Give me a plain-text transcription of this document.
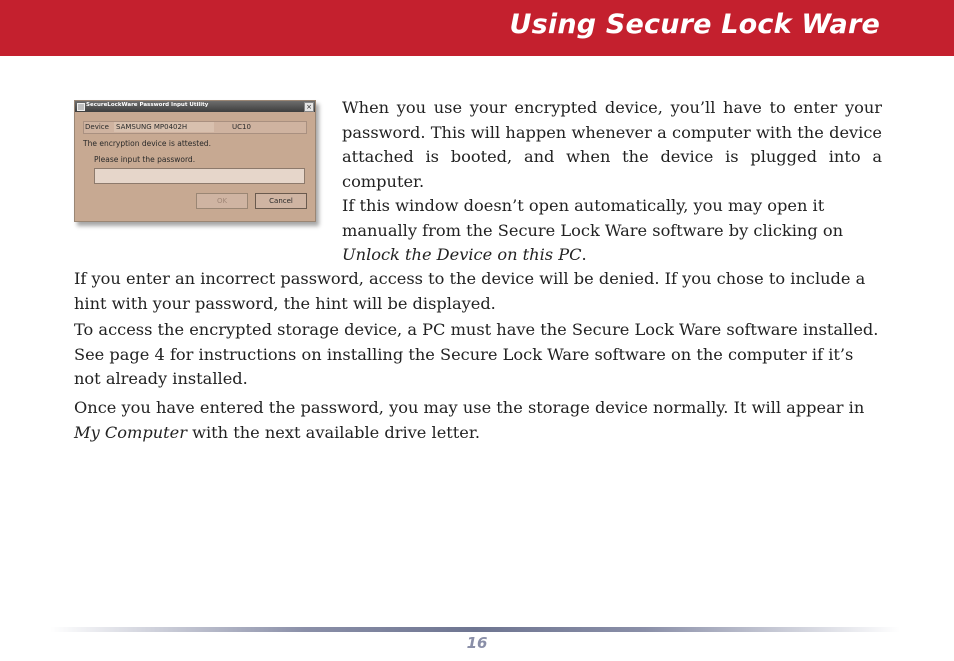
Using Secure Lock Ware
SecureLockWare Password Input Utility	×
Device SAMSUNG MP0402H	UC10
The encryption device is attested.
Please input the password.
OK	Cancel

When you use your encrypted device, you’ll have to enter your password. This will happen whenever a computer with the device attached is booted, and when the device is plugged into a computer.

If this window doesn’t open automatically, you may open it manually from the Secure Lock Ware software by clicking on Unlock the Device on this PC.

If you enter an incorrect password, access to the device will be denied. If you chose to include a hint with your password, the hint will be displayed.

To access the encrypted storage device, a PC must have the Secure Lock Ware software installed. See page 4 for instructions on installing the Secure Lock Ware software on the computer if it’s not already installed.

Once you have entered the password, you may use the storage device normally. It will appear in My Computer with the next available drive letter.

16
